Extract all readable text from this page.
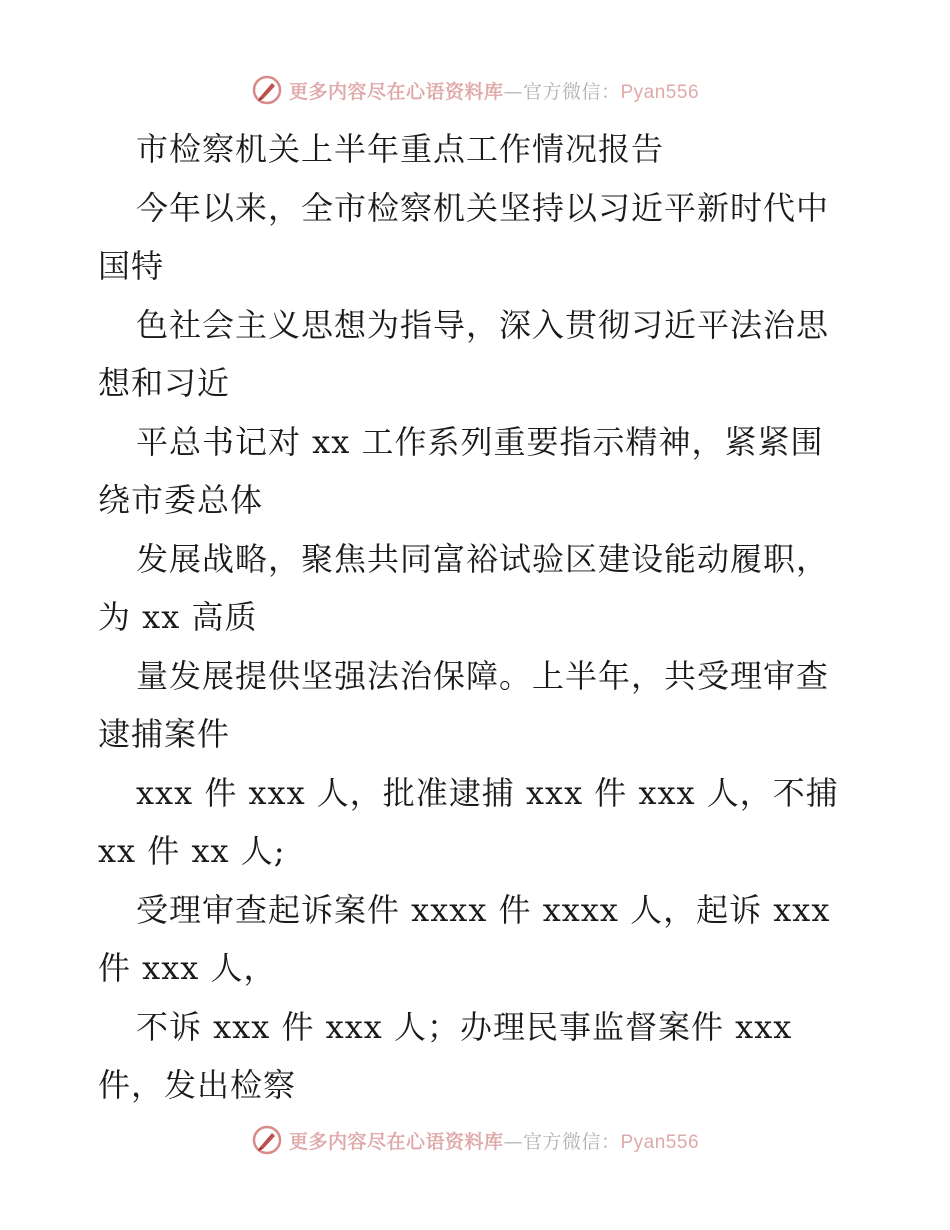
更多内容尽在心语资料库—官方微信：Pyan556
市检察机关上半年重点工作情况报告
今年以来，全市检察机关坚持以习近平新时代中
国特
色社会主义思想为指导，深入贯彻习近平法治思
想和习近
平总书记对 xx 工作系列重要指示精神，紧紧围
绕市委总体
发展战略，聚焦共同富裕试验区建设能动履职，
为 xx 高质
量发展提供坚强法治保障。上半年，共受理审查
逮捕案件
xxx 件 xxx 人，批准逮捕 xxx 件 xxx 人，不捕
xx 件 xx 人;
受理审查起诉案件 xxxx 件 xxxx 人，起诉 xxx
件 xxx 人，
不诉 xxx 件 xxx 人；办理民事监督案件 xxx
件，发出检察
更多内容尽在心语资料库—官方微信：Pyan556
